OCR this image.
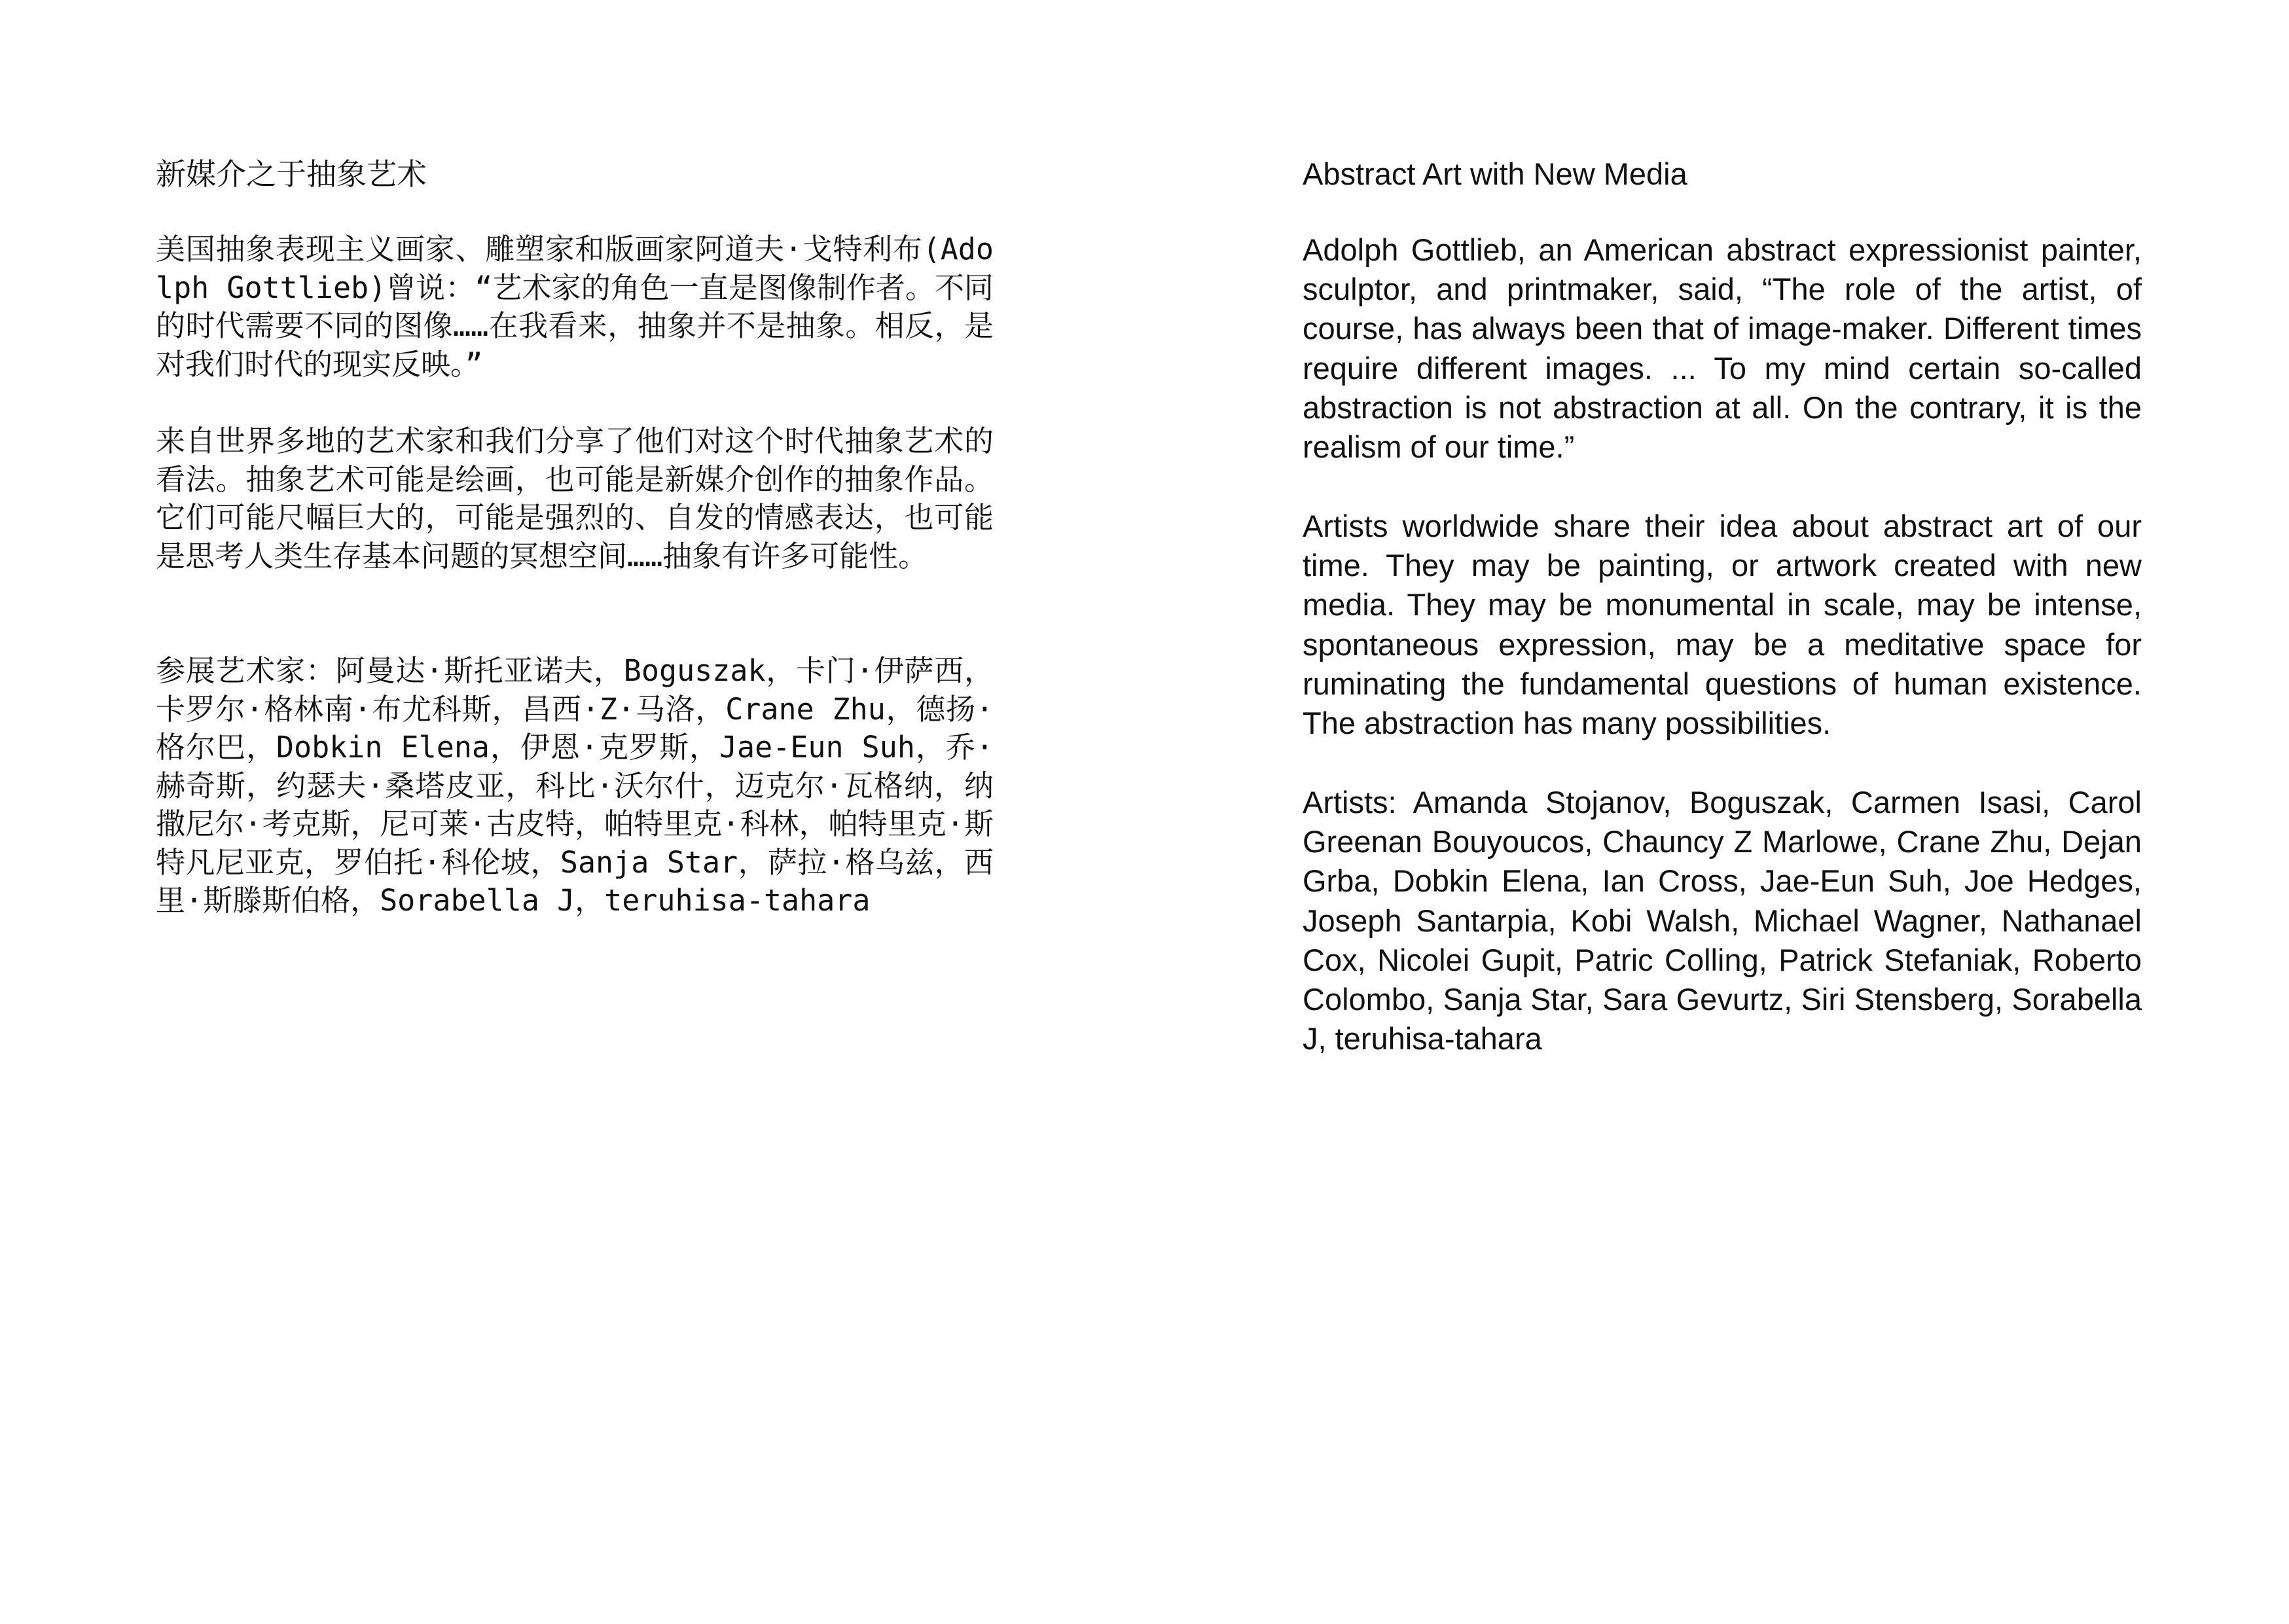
新媒介之于抽象艺术
美国抽象表现主义画家、雕塑家和版画家阿道夫·戈特利布(Adolph Gottlieb)曾说：“艺术家的角色一直是图像制作者。不同的时代需要不同的图像……在我看来，抽象并不是抽象。相反，是对我们时代的现实反映。”
来自世界多地的艺术家和我们分享了他们对这个时代抽象艺术的看法。抽象艺术可能是绘画，也可能是新媒介创作的抽象作品。它们可能尺幅巨大的，可能是强烈的、自发的情感表达，也可能是思考人类生存基本问题的冥想空间……抽象有许多可能性。
参展艺术家：阿曼达·斯托亚诺夫，Boguszak，卡门·伊萨西，卡罗尔·格林南·布尤科斯，昌西·Z·马洛，Crane Zhu，德扬·格尔巴，Dobkin Elena，伊恩·克罗斯，Jae-Eun Suh，乔·赫奇斯，约瑟夫·桑塔皮亚，科比·沃尔什，迈克尔·瓦格纳，纳撒尼尔·考克斯，尼可莱·古皮特，帕特里克·科林，帕特里克·斯特凡尼亚克，罗伯托·科伦坡，Sanja Star，萨拉·格乌兹，西里·斯滕斯伯格，Sorabella J，teruhisa-tahara
Abstract Art with New Media
Adolph Gottlieb, an American abstract expressionist painter, sculptor, and printmaker, said, “The role of the artist, of course, has always been that of image-maker. Different times require different images. ... To my mind certain so-called abstraction is not abstraction at all. On the contrary, it is the realism of our time.”
Artists worldwide share their idea about abstract art of our time. They may be painting, or artwork created with new media. They may be monumental in scale, may be intense, spontaneous expression, may be a meditative space for ruminating the fundamental questions of human existence. The abstraction has many possibilities.
Artists: Amanda Stojanov, Boguszak, Carmen Isasi, Carol Greenan Bouyoucos, Chauncy Z Marlowe, Crane Zhu, Dejan Grba, Dobkin Elena, Ian Cross, Jae-Eun Suh, Joe Hedges, Joseph Santarpia, Kobi Walsh, Michael Wagner, Nathanael Cox, Nicolei Gupit, Patric Colling, Patrick Stefaniak, Roberto Colombo, Sanja Star, Sara Gevurtz, Siri Stensberg, Sorabella J, teruhisa-tahara
